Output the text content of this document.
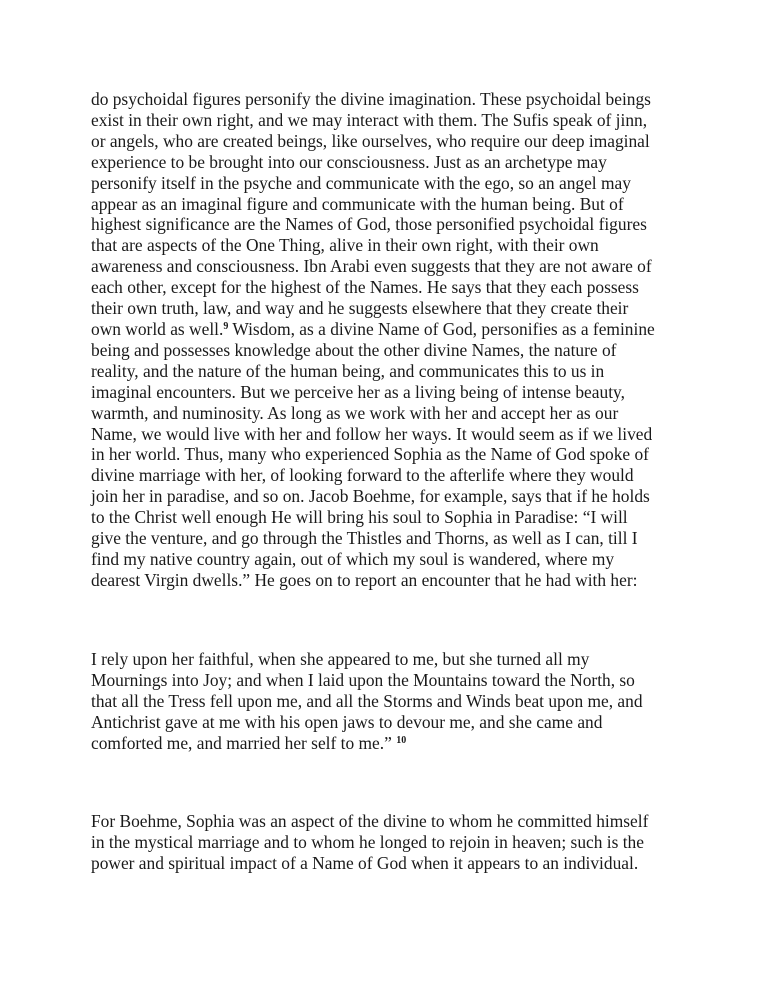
do psychoidal figures personify the divine imagination. These psychoidal beings
exist in their own right, and we may interact with them. The Sufis speak of jinn,
or angels, who are created beings, like ourselves, who require our deep imaginal
experience to be brought into our consciousness. Just as an archetype may
personify itself in the psyche and communicate with the ego, so an angel may
appear as an imaginal figure and communicate with the human being. But of
highest significance are the Names of God, those personified psychoidal figures
that are aspects of the One Thing, alive in their own right, with their own
awareness and consciousness. Ibn Arabi even suggests that they are not aware of
each other, except for the highest of the Names. He says that they each possess
their own truth, law, and way and he suggests elsewhere that they create their
own world as well.$^9$ Wisdom, as a divine Name of God, personifies as a feminine
being and possesses knowledge about the other divine Names, the nature of
reality, and the nature of the human being, and communicates this to us in
imaginal encounters. But we perceive her as a living being of intense beauty,
warmth, and numinosity. As long as we work with her and accept her as our
Name, we would live with her and follow her ways. It would seem as if we lived
in her world. Thus, many who experienced Sophia as the Name of God spoke of
divine marriage with her, of looking forward to the afterlife where they would
join her in paradise, and so on. Jacob Boehme, for example, says that if he holds
to the Christ well enough He will bring his soul to Sophia in Paradise: “I will
give the venture, and go through the Thistles and Thorns, as well as I can, till I
find my native country again, out of which my soul is wandered, where my
dearest Virgin dwells.” He goes on to report an encounter that he had with her:

I rely upon her faithful, when she appeared to me, but she turned all my
Mournings into Joy; and when I laid upon the Mountains toward the North, so
that all the Tress fell upon me, and all the Storms and Winds beat upon me, and
Antichrist gave at me with his open jaws to devour me, and she came and
comforted me, and married her self to me.” $^{10}$

For Boehme, Sophia was an aspect of the divine to whom he committed himself
in the mystical marriage and to whom he longed to rejoin in heaven; such is the
power and spiritual impact of a Name of God when it appears to an individual.
